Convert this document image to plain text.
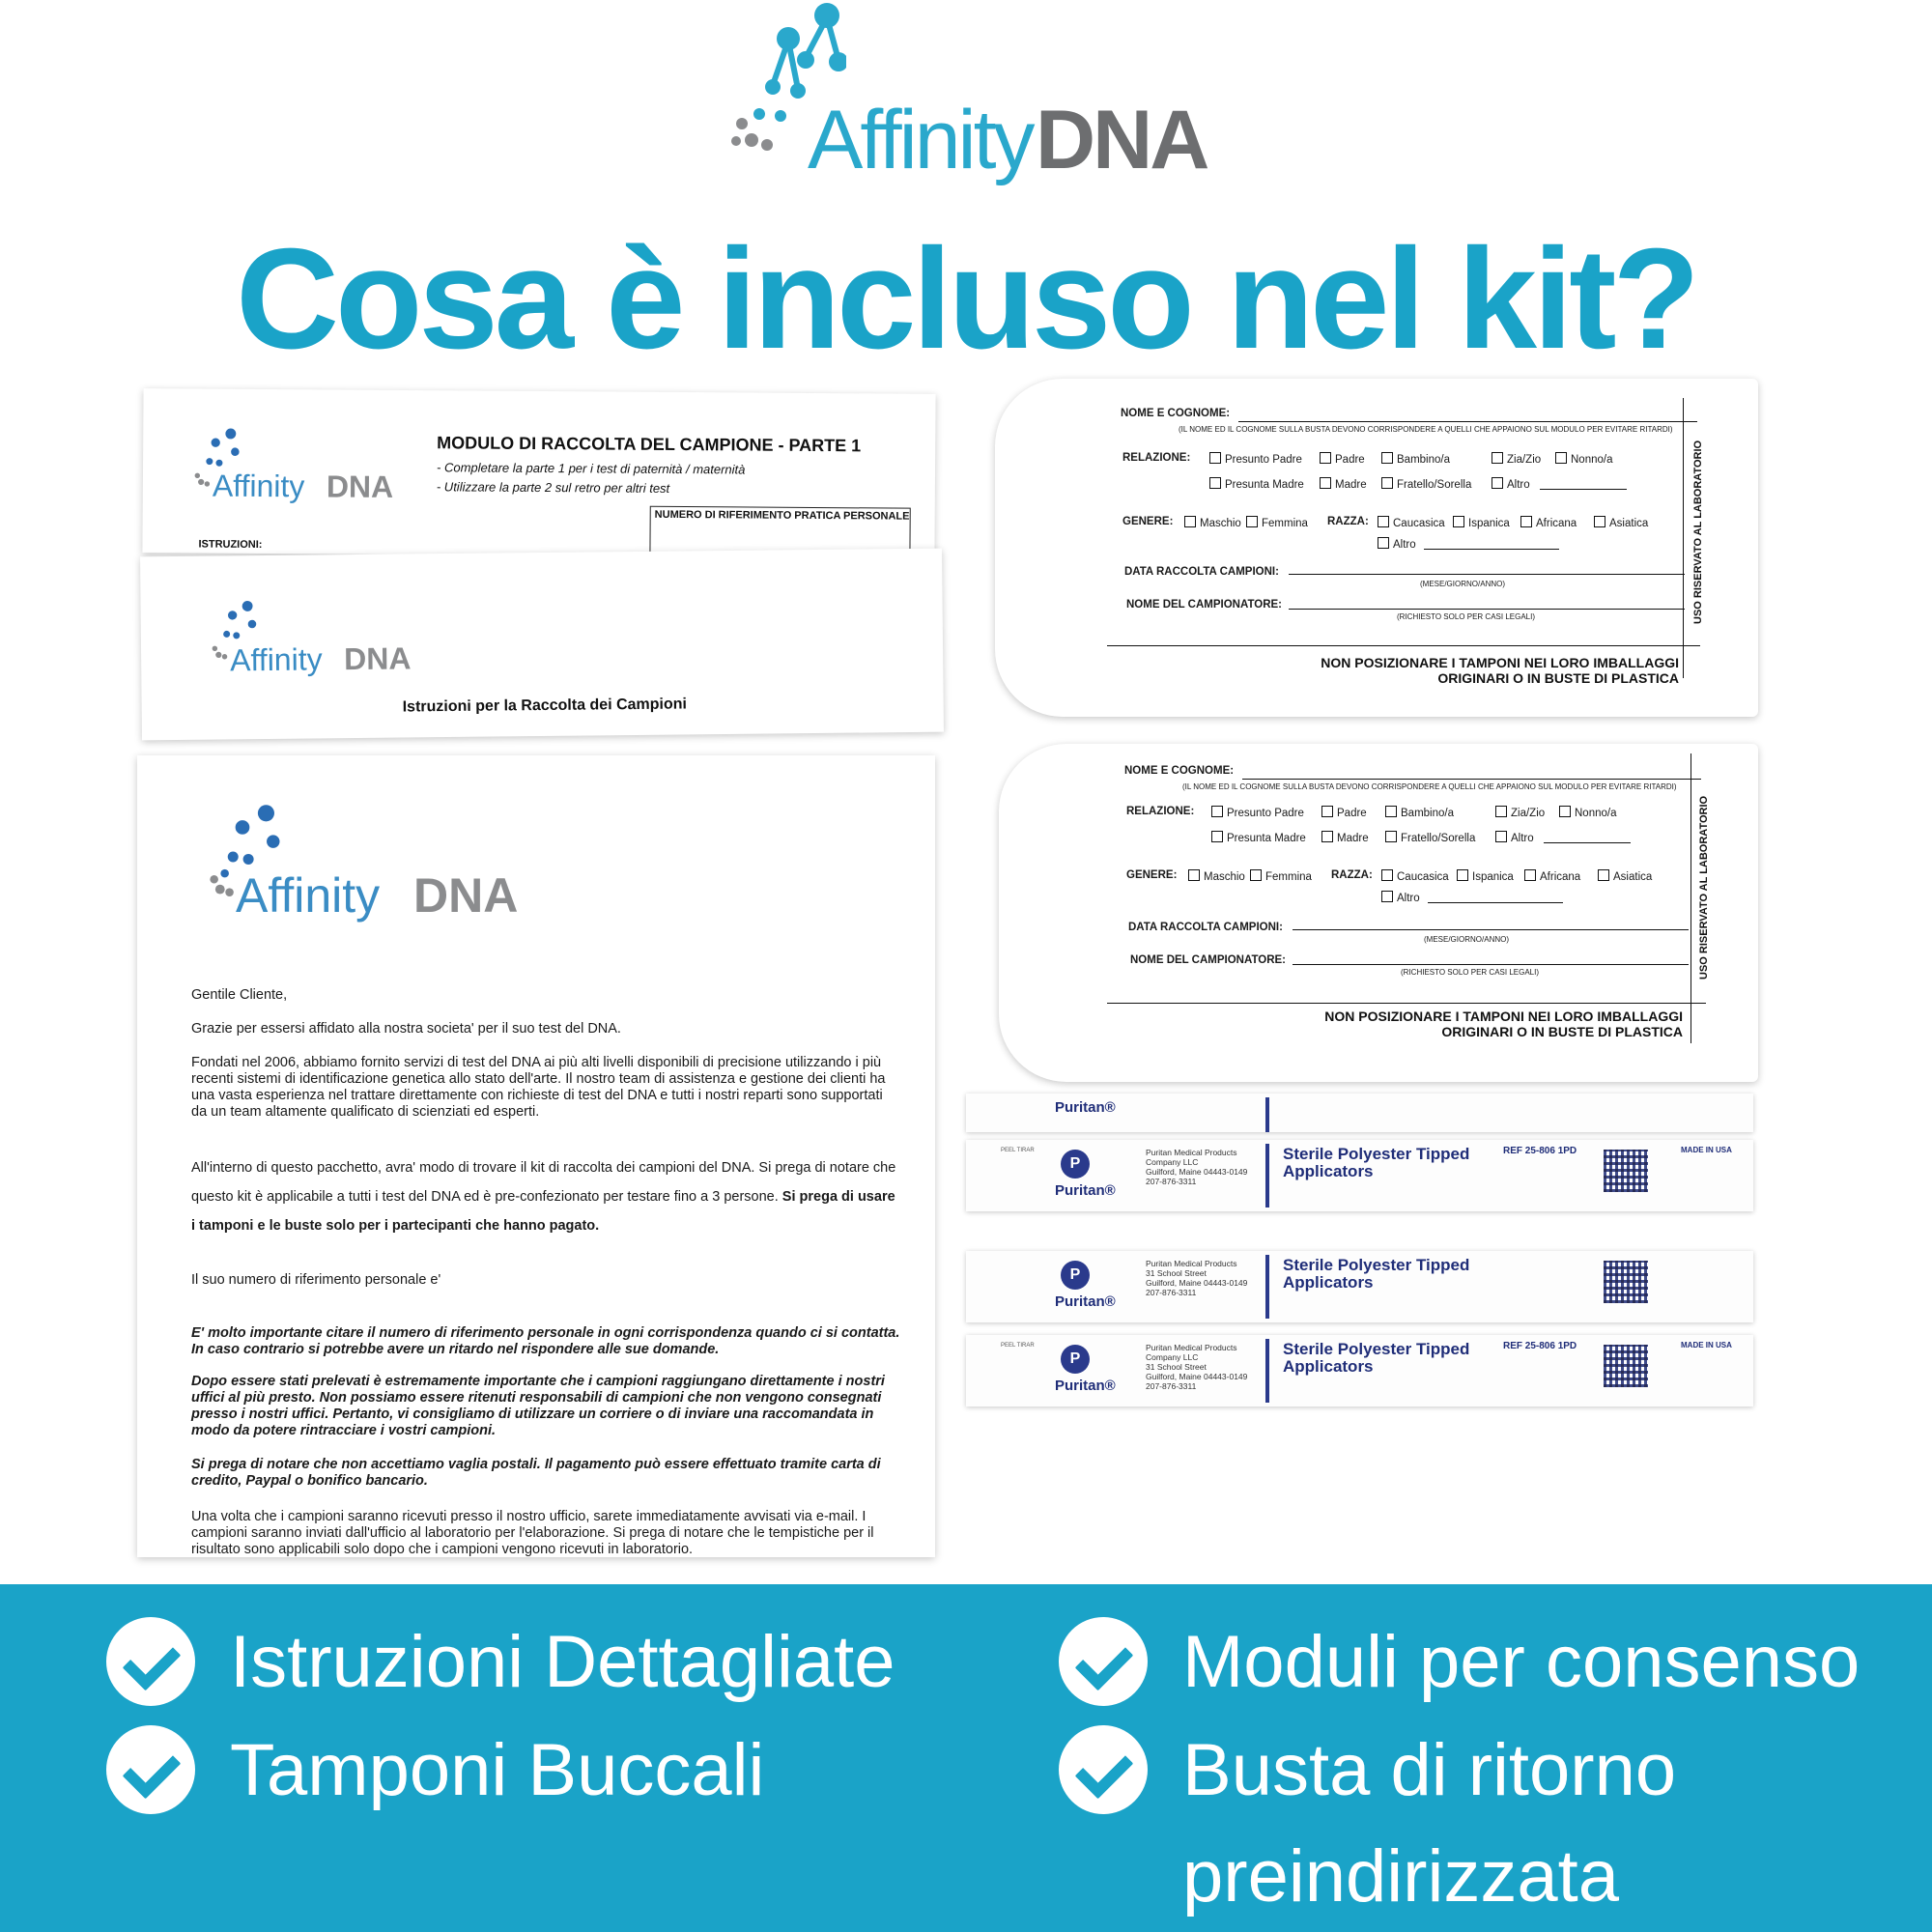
Affinity DNA
Cosa è incluso nel kit?
Affinity DNA
MODULO DI RACCOLTA DEL CAMPIONE - PARTE 1
- Completare la parte 1 per i test di paternità / maternità
- Utilizzare la parte 2 sul retro per altri test
NUMERO DI RIFERIMENTO PRATICA PERSONALE
ISTRUZIONI:
Affinity DNA
Istruzioni per la Raccolta dei Campioni
Affinity DNA
Gentile Cliente,
Grazie per essersi affidato alla nostra societa' per il suo test del DNA.
Fondati nel 2006, abbiamo fornito servizi di test del DNA ai più alti livelli disponibili di precisione utilizzando i più recenti sistemi di identificazione genetica allo stato dell'arte. Il nostro team di assistenza e gestione dei clienti ha una vasta esperienza nel trattare direttamente con richieste di test del DNA e tutti i nostri reparti sono supportati da un team altamente qualificato di scienziati ed esperti.
All'interno di questo pacchetto, avra' modo di trovare il kit di raccolta dei campioni del DNA. Si prega di notare che questo kit è applicabile a tutti i test del DNA ed è pre-confezionato per testare fino a 3 persone. Si prega di usare i tamponi e le buste solo per i partecipanti che hanno pagato.
Il suo numero di riferimento personale e'
E' molto importante citare il numero di riferimento personale in ogni corrispondenza quando ci si contatta. In caso contrario si potrebbe avere un ritardo nel rispondere alle sue domande.
Dopo essere stati prelevati è estremamente importante che i campioni raggiungano direttamente i nostri uffici al più presto. Non possiamo essere ritenuti responsabili di campioni che non vengono consegnati presso i nostri uffici. Pertanto, vi consigliamo di utilizzare un corriere o di inviare una raccomandata in modo da potere rintracciare i vostri campioni.
Si prega di notare che non accettiamo vaglia postali. Il pagamento può essere effettuato tramite carta di credito, Paypal o bonifico bancario.
Una volta che i campioni saranno ricevuti presso il nostro ufficio, sarete immediatamente avvisati via e-mail. I campioni saranno inviati dall'ufficio al laboratorio per l'elaborazione. Si prega di notare che le tempistiche per il risultato sono applicabili solo dopo che i campioni vengono ricevuti in laboratorio.
NOME E COGNOME:
(IL NOME ED IL COGNOME SULLA BUSTA DEVONO CORRISPONDERE A QUELLI CHE APPAIONO SUL MODULO PER EVITARE RITARDI)
RELAZIONE:	Presunto Padre	Padre	Bambino/a	Zia/Zio	Nonno/a
Presunta Madre	Madre	Fratello/Sorella	Altro
GENERE:	Maschio	Femmina RAZZA:	Caucasica	Ispanica	Africana	Asiatica
Altro
DATA RACCOLTA CAMPIONI:
(MESE/GIORNO/ANNO)
NOME DEL CAMPIONATORE:
(RICHIESTO SOLO PER CASI LEGALI)	USO RISERVATO AL LABORATORIO
NON POSIZIONARE I TAMPONI NEI LORO IMBALLAGGI
ORIGINARI O IN BUSTE DI PLASTICA
NOME E COGNOME:
(IL NOME ED IL COGNOME SULLA BUSTA DEVONO CORRISPONDERE A QUELLI CHE APPAIONO SUL MODULO PER EVITARE RITARDI)
RELAZIONE:	Presunto Padre	Padre	Bambino/a	Zia/Zio	Nonno/a
Presunta Madre	Madre	Fratello/Sorella	Altro
GENERE:	Maschio	Femmina RAZZA:	Caucasica	Ispanica	Africana	Asiatica
Altro
DATA RACCOLTA CAMPIONI:
(MESE/GIORNO/ANNO)
NOME DEL CAMPIONATORE:
(RICHIESTO SOLO PER CASI LEGALI)	USO RISERVATO AL LABORATORIO
NON POSIZIONARE I TAMPONI NEI LORO IMBALLAGGI
ORIGINARI O IN BUSTE DI PLASTICA
Puritan®
PEEL TIRAR
P
Puritan®
Puritan Medical Products
Company LLC
Guilford, Maine 04443-0149
207-876-3311
Sterile Polyester Tipped
Applicators
REF 25-806 1PD	MADE IN USA
P
Puritan®
Puritan Medical Products
31 School Street
Guilford, Maine 04443-0149
207-876-3311
Sterile Polyester Tipped
Applicators
PEEL TIRAR
P
Puritan®
Puritan Medical Products
Company LLC
31 School Street
Guilford, Maine 04443-0149
207-876-3311
Sterile Polyester Tipped
Applicators
REF 25-806 1PD	MADE IN USA
Istruzioni Dettagliate	Moduli per consenso
Tamponi Buccali	Busta di ritorno preindirizzata
